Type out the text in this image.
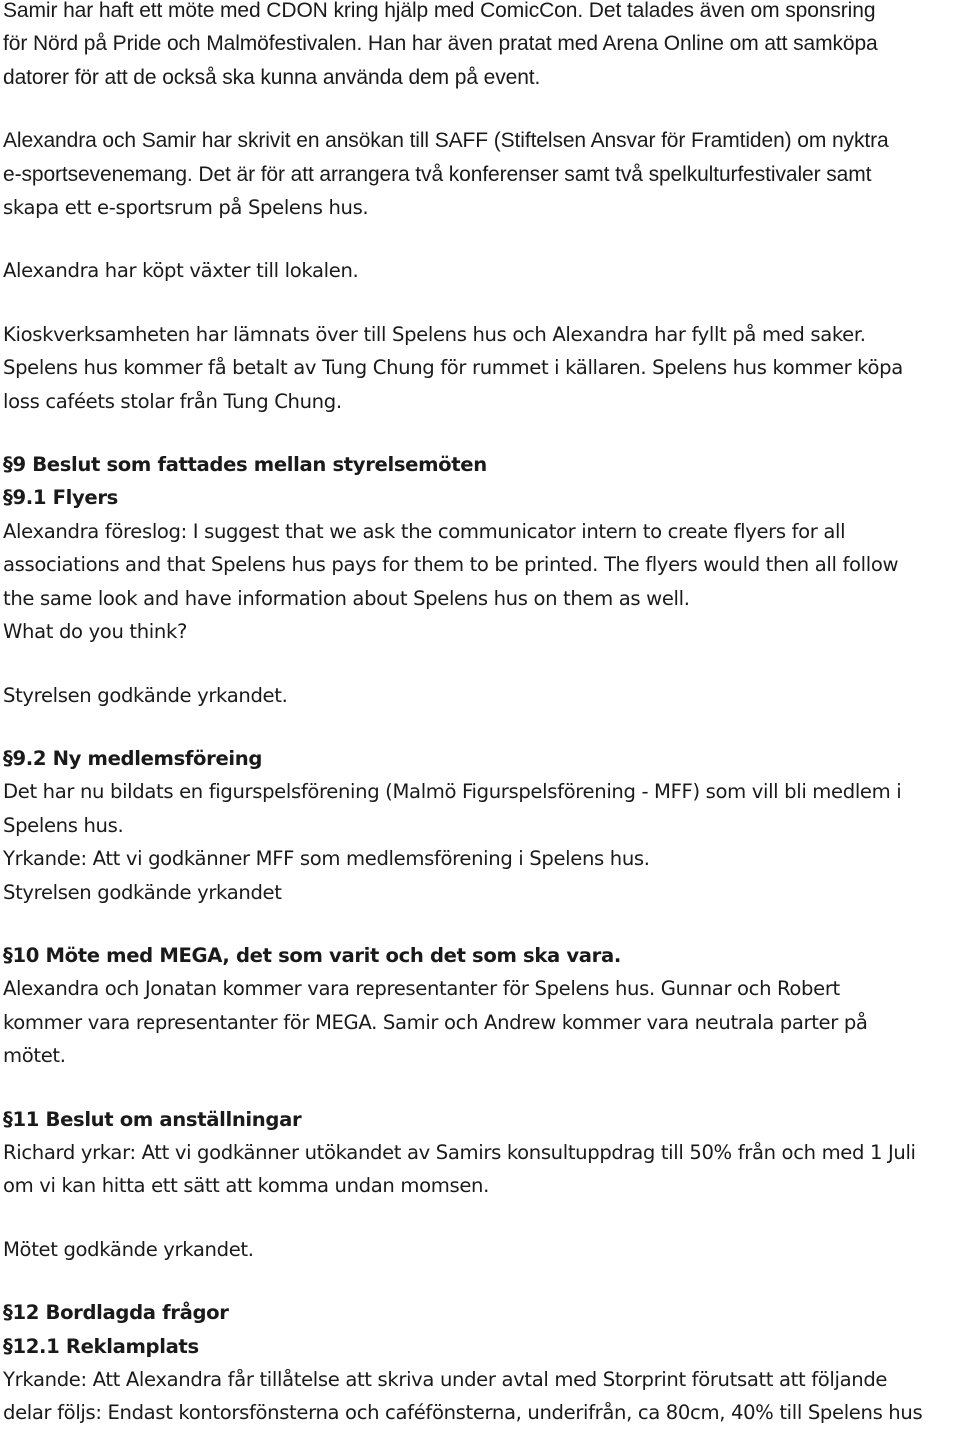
Samir har haft ett möte med CDON kring hjälp med ComicCon. Det talades även om sponsring
för Nörd på Pride och Malmöfestivalen. Han har även pratat med Arena Online om att samköpa
datorer för att de också ska kunna använda dem på event.
Alexandra och Samir har skrivit en ansökan till SAFF (Stiftelsen Ansvar för Framtiden) om nyktra
e-sportsevenemang. Det är för att arrangera två konferenser samt två spelkulturfestivaler samt
skapa ett e-sportsrum på Spelens hus.
Alexandra har köpt växter till lokalen.
Kioskverksamheten har lämnats över till Spelens hus och Alexandra har fyllt på med saker.
Spelens hus kommer få betalt av Tung Chung för rummet i källaren. Spelens hus kommer köpa
loss caféets stolar från Tung Chung.
§9 Beslut som fattades mellan styrelsemöten
§9.1 Flyers
Alexandra föreslog: I suggest that we ask the communicator intern to create flyers for all
associations and that Spelens hus pays for them to be printed. The flyers would then all follow
the same look and have information about Spelens hus on them as well.
What do you think?
Styrelsen godkände yrkandet.
§9.2 Ny medlemsföreing
Det har nu bildats en figurspelsförening (Malmö Figurspelsförening - MFF) som vill bli medlem i
Spelens hus.
Yrkande: Att vi godkänner MFF som medlemsförening i Spelens hus.
Styrelsen godkände yrkandet
§10 Möte med MEGA, det som varit och det som ska vara.
Alexandra och Jonatan kommer vara representanter för Spelens hus. Gunnar och Robert
kommer vara representanter för MEGA. Samir och Andrew kommer vara neutrala parter på
mötet.
§11 Beslut om anställningar
Richard yrkar: Att vi godkänner utökandet av Samirs konsultuppdrag till 50% från och med 1 Juli
om vi kan hitta ett sätt att komma undan momsen.
Mötet godkände yrkandet.
§12 Bordlagda frågor
§12.1 Reklamplats
Yrkande: Att Alexandra får tillåtelse att skriva under avtal med Storprint förutsatt att följande
delar följs: Endast kontorsfönsterna och caféfönsterna, underifrån, ca 80cm, 40% till Spelens hus
